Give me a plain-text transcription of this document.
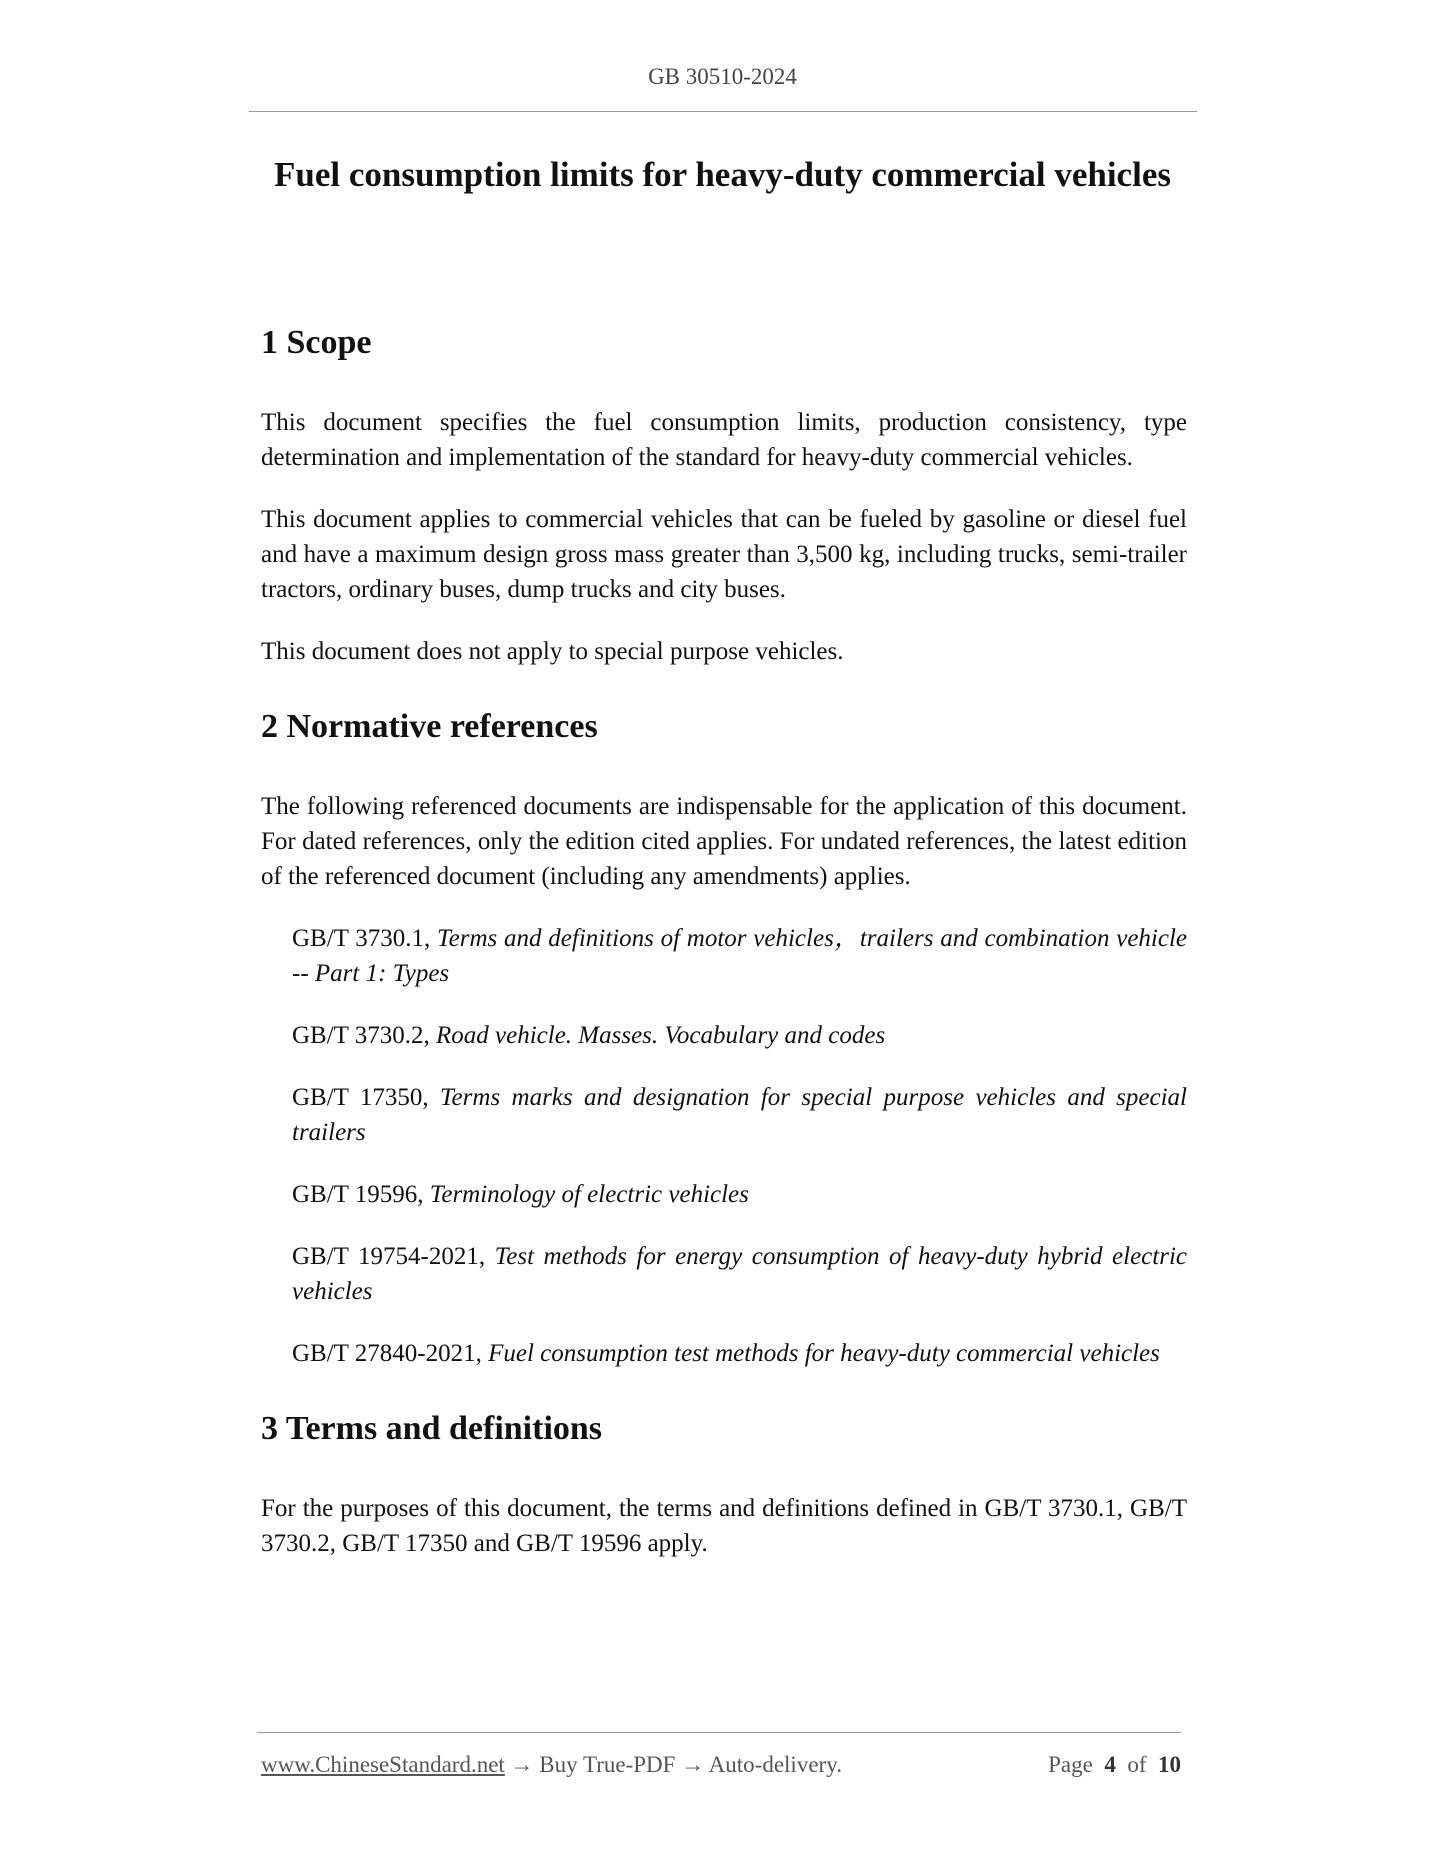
GB 30510-2024
Fuel consumption limits for heavy-duty commercial vehicles
1 Scope

This document specifies the fuel consumption limits, production consistency, type determination and implementation of the standard for heavy-duty commercial vehicles.

This document applies to commercial vehicles that can be fueled by gasoline or diesel fuel and have a maximum design gross mass greater than 3,500 kg, including trucks, semi-trailer tractors, ordinary buses, dump trucks and city buses.

This document does not apply to special purpose vehicles.

2 Normative references

The following referenced documents are indispensable for the application of this document. For dated references, only the edition cited applies. For undated references, the latest edition of the referenced document (including any amendments) applies.

GB/T 3730.1, Terms and definitions of motor vehicles，trailers and combination vehicle -- Part 1: Types

GB/T 3730.2, Road vehicle. Masses. Vocabulary and codes

GB/T 17350, Terms marks and designation for special purpose vehicles and special trailers

GB/T 19596, Terminology of electric vehicles

GB/T 19754-2021, Test methods for energy consumption of heavy-duty hybrid electric vehicles

GB/T 27840-2021, Fuel consumption test methods for heavy-duty commercial vehicles

3 Terms and definitions

For the purposes of this document, the terms and definitions defined in GB/T 3730.1, GB/T 3730.2, GB/T 17350 and GB/T 19596 apply.

www.ChineseStandard.net → Buy True-PDF → Auto-delivery.	Page 4 of 10
